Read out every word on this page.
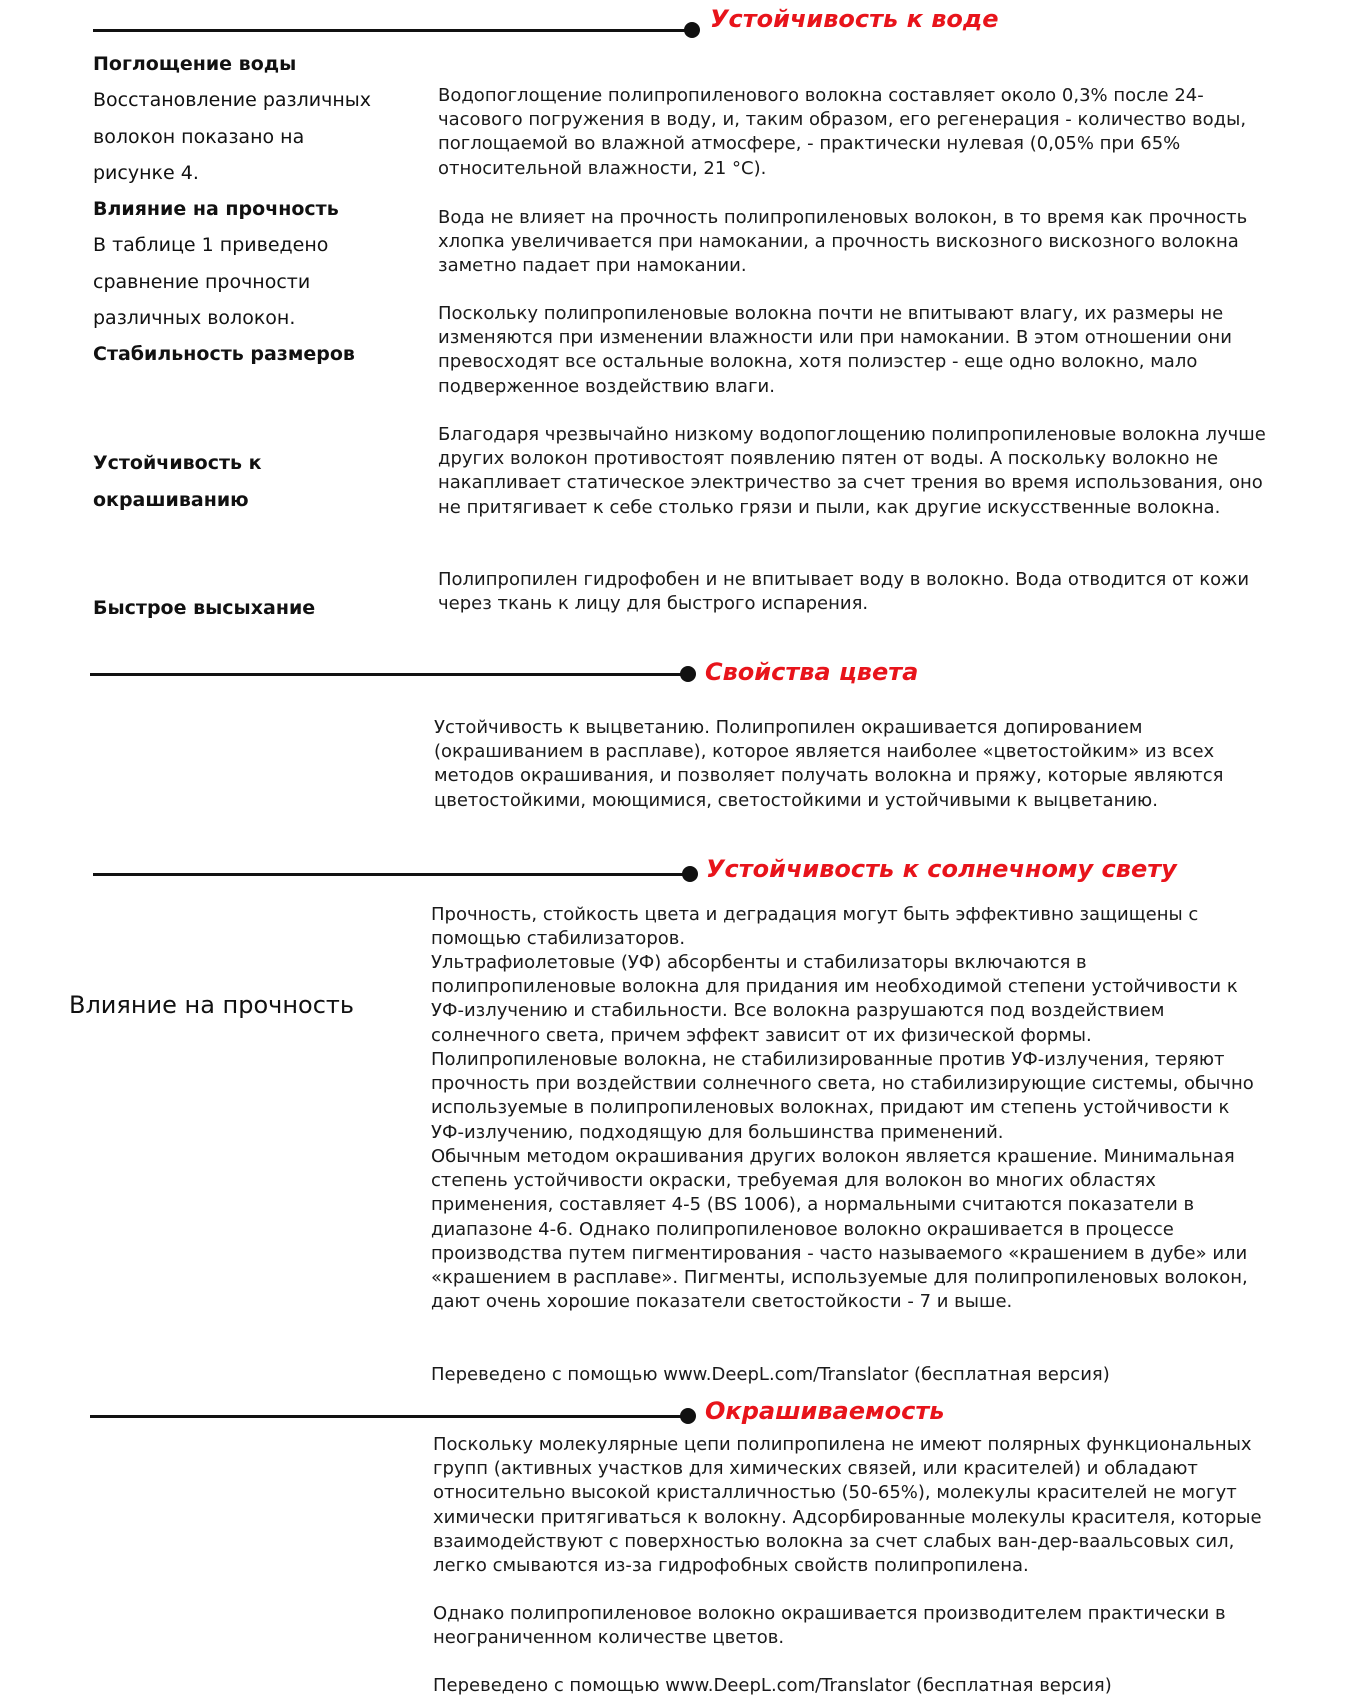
Устойчивость к воде

Поглощение воды

Восстановление различных волокон показано на рисунке 4.

Влияние на прочность

В таблице 1 приведено сравнение прочности различных волокон.

Стабильность размеров

Устойчивость к окрашиванию

Быстрое высыхание

Водопоглощение полипропиленового волокна составляет около 0,3% после 24-часового погружения в воду, и, таким образом, его регенерация - количество воды, поглощаемой во влажной атмосфере, - практически нулевая (0,05% при 65% относительной влажности, 21 °C).

Вода не влияет на прочность полипропиленовых волокон, в то время как прочность хлопка увеличивается при намокании, а прочность вискозного вискозного волокна заметно падает при намокании.

Поскольку полипропиленовые волокна почти не впитывают влагу, их размеры не изменяются при изменении влажности или при намокании. В этом отношении они превосходят все остальные волокна, хотя полиэстер - еще одно волокно, мало подверженное воздействию влаги.

Благодаря чрезвычайно низкому водопоглощению полипропиленовые волокна лучше других волокон противостоят появлению пятен от воды. А поскольку волокно не накапливает статическое электричество за счет трения во время использования, оно не притягивает к себе столько грязи и пыли, как другие искусственные волокна.

Полипропилен гидрофобен и не впитывает воду в волокно. Вода отводится от кожи через ткань к лицу для быстрого испарения.

Свойства цвета

Устойчивость к выцветанию. Полипропилен окрашивается допированием (окрашиванием в расплаве), которое является наиболее «цветостойким» из всех методов окрашивания, и позволяет получать волокна и пряжу, которые являются цветостойкими, моющимися, светостойкими и устойчивыми к выцветанию.

Устойчивость к солнечному свету
Влияние на прочность

Прочность, стойкость цвета и деградация могут быть эффективно защищены с помощью стабилизаторов.

Ультрафиолетовые (УФ) абсорбенты и стабилизаторы включаются в полипропиленовые волокна для придания им необходимой степени устойчивости к УФ-излучению и стабильности. Все волокна разрушаются под воздействием солнечного света, причем эффект зависит от их физической формы.

Полипропиленовые волокна, не стабилизированные против УФ-излучения, теряют прочность при воздействии солнечного света, но стабилизирующие системы, обычно используемые в полипропиленовых волокнах, придают им степень устойчивости к УФ-излучению, подходящую для большинства применений.

Обычным методом окрашивания других волокон является крашение. Минимальная степень устойчивости окраски, требуемая для волокон во многих областях применения, составляет 4-5 (BS 1006), а нормальными считаются показатели в диапазоне 4-6. Однако полипропиленовое волокно окрашивается в процессе производства путем пигментирования - часто называемого «крашением в дубе» или «крашением в расплаве». Пигменты, используемые для полипропиленовых волокон, дают очень хорошие показатели светостойкости - 7 и выше.

Переведено с помощью www.DeepL.com/Translator (бесплатная версия)

Окрашиваемость

Поскольку молекулярные цепи полипропилена не имеют полярных функциональных групп (активных участков для химических связей, или красителей) и обладают относительно высокой кристалличностью (50-65%), молекулы красителей не могут химически притягиваться к волокну. Адсорбированные молекулы красителя, которые взаимодействуют с поверхностью волокна за счет слабых ван-дер-ваальсовых сил, легко смываются из-за гидрофобных свойств полипропилена.

Однако полипропиленовое волокно окрашивается производителем практически в неограниченном количестве цветов.

Переведено с помощью www.DeepL.com/Translator (бесплатная версия)
